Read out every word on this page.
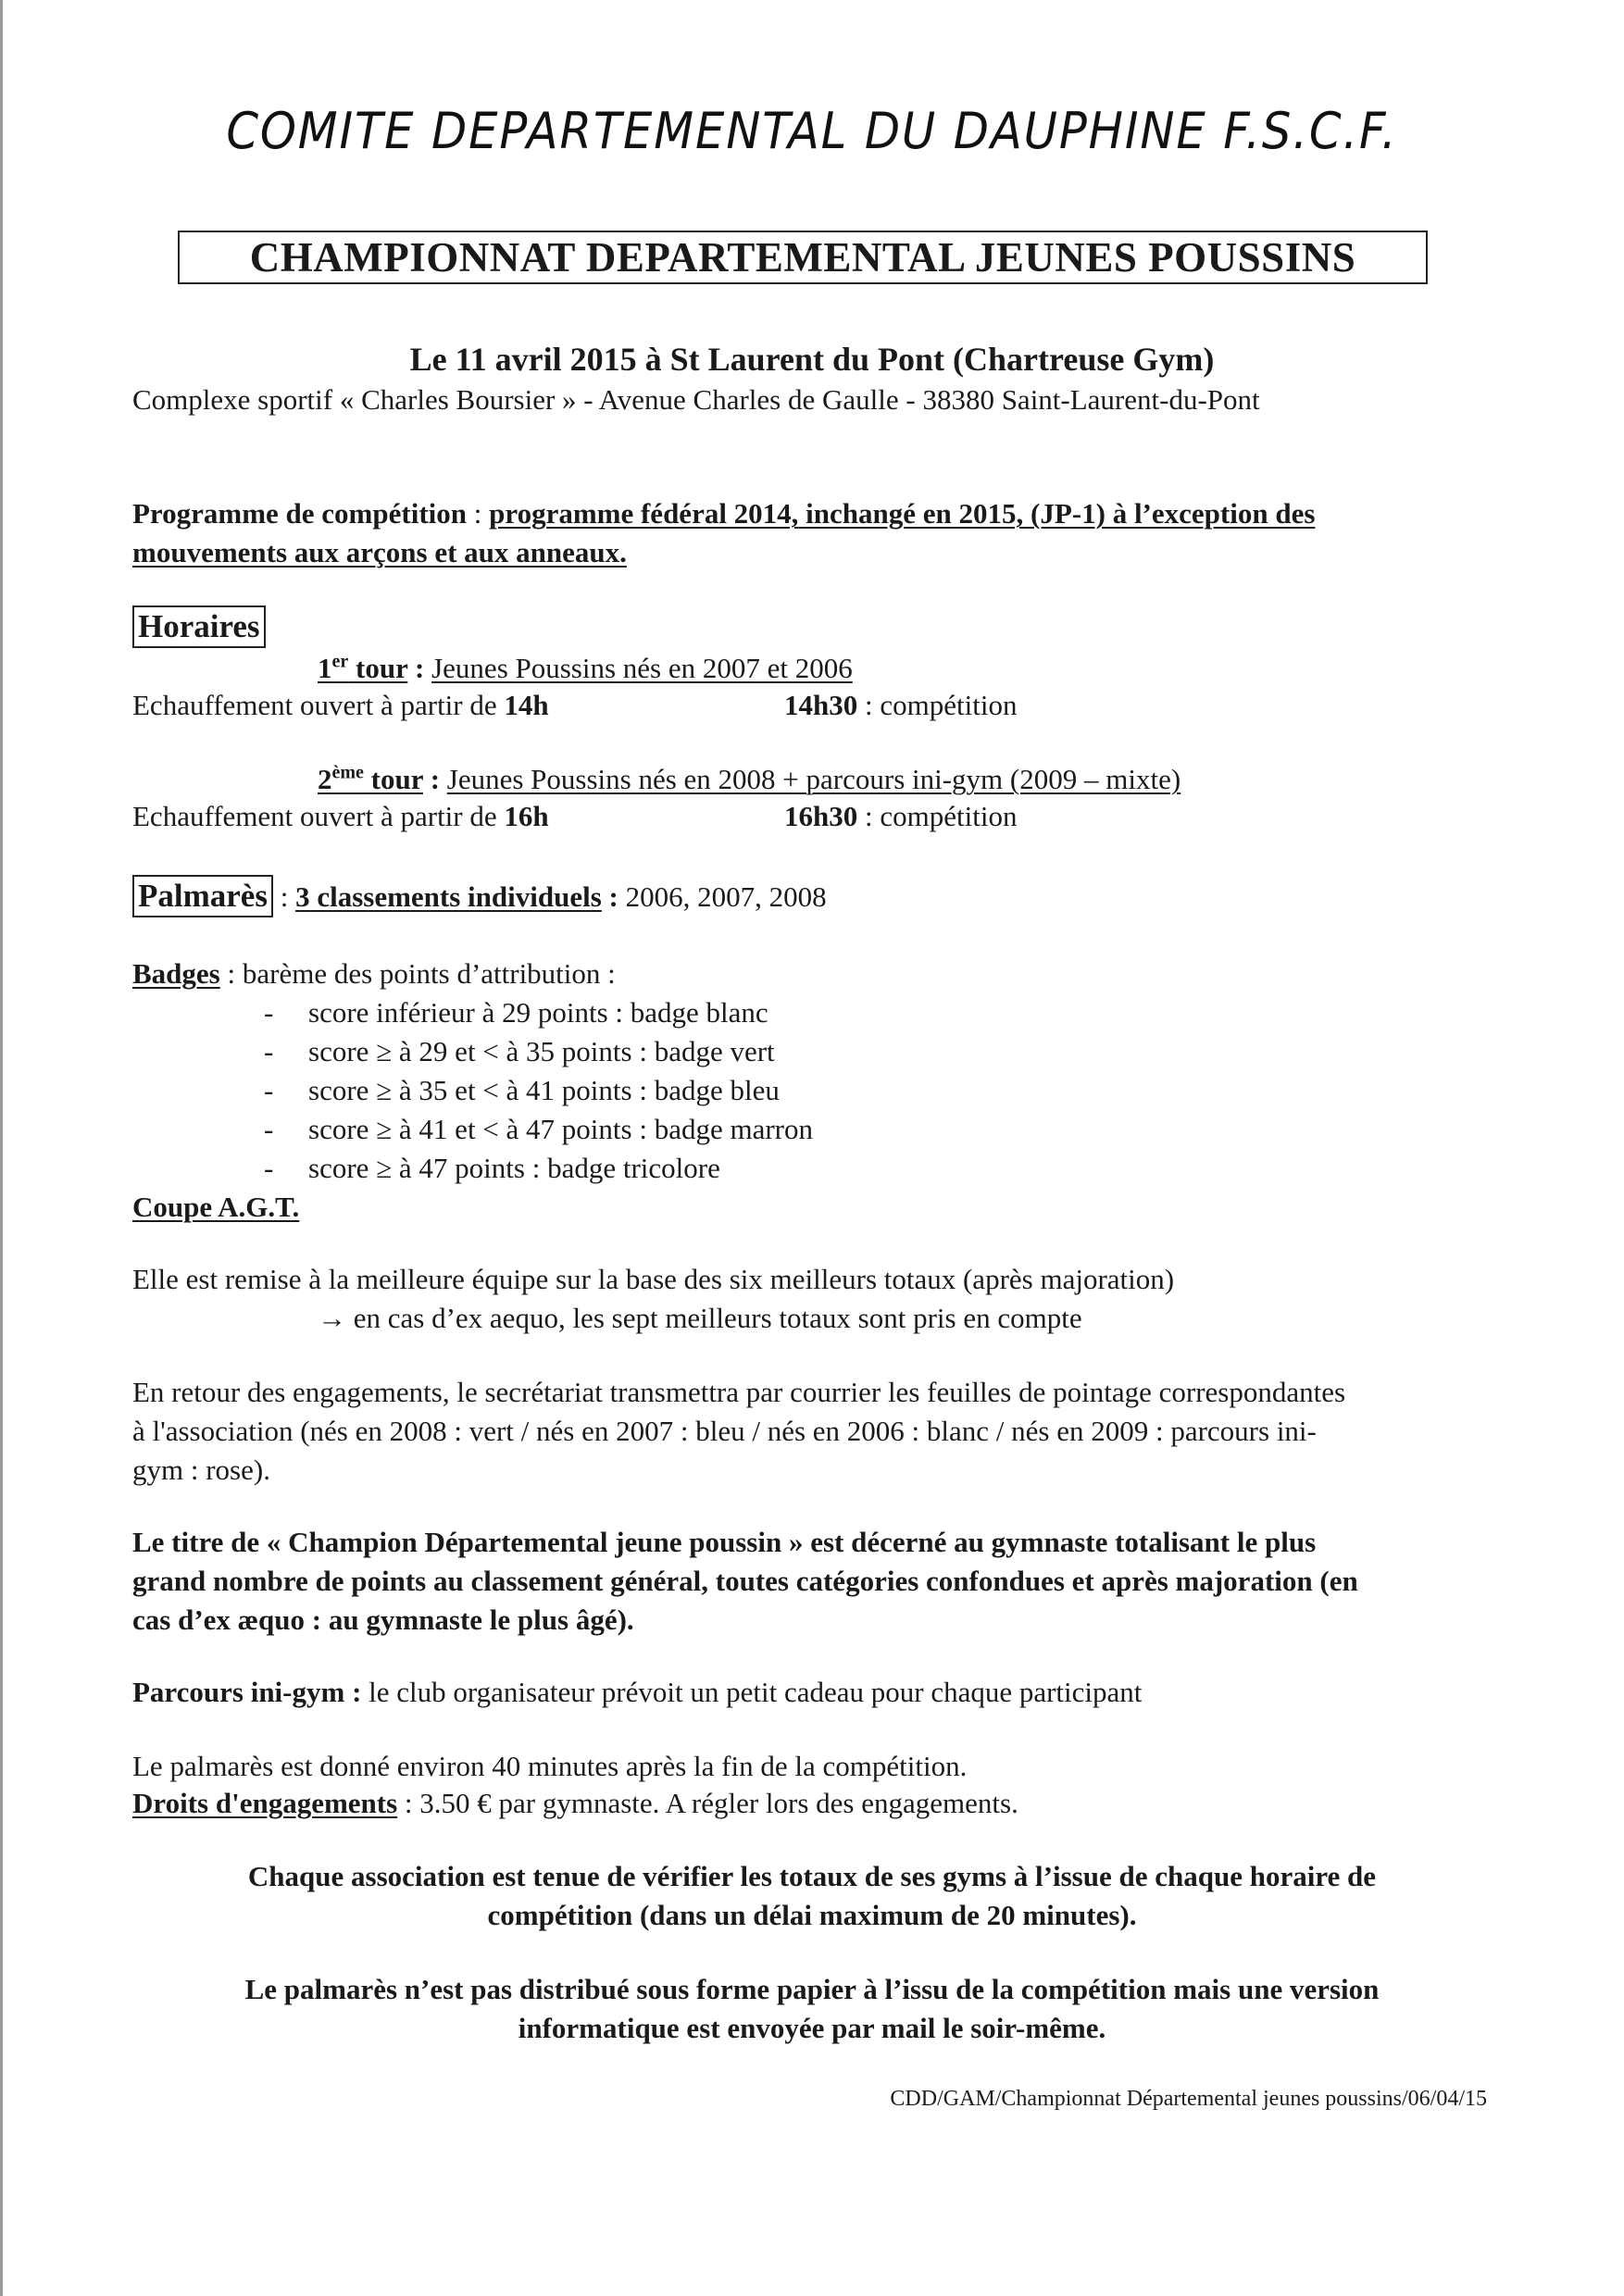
COMITE DEPARTEMENTAL DU DAUPHINE F.S.C.F.
CHAMPIONNAT DEPARTEMENTAL JEUNES POUSSINS
Le 11 avril 2015 à St Laurent du Pont (Chartreuse Gym)
Complexe sportif « Charles Boursier » - Avenue Charles de Gaulle - 38380 Saint-Laurent-du-Pont
Programme de compétition : programme fédéral 2014, inchangé en 2015, (JP-1) à l’exception des
mouvements aux arçons et aux anneaux.
Horaires
1er tour : Jeunes Poussins nés en 2007 et 2006
Echauffement ouvert à partir de 14h	14h30 : compétition
2ème tour : Jeunes Poussins nés en 2008 + parcours ini-gym (2009 – mixte)
Echauffement ouvert à partir de 16h	16h30 : compétition
Palmarès : 3 classements individuels : 2006, 2007, 2008
Badges : barème des points d’attribution :
- score inférieur à 29 points : badge blanc
- score ≥ à 29 et < à 35 points : badge vert
- score ≥ à 35 et < à 41 points : badge bleu
- score ≥ à 41 et < à 47 points : badge marron
- score ≥ à 47 points : badge tricolore
Coupe A.G.T.
Elle est remise à la meilleure équipe sur la base des six meilleurs totaux (après majoration)
→ en cas d’ex aequo, les sept meilleurs totaux sont pris en compte
En retour des engagements, le secrétariat transmettra par courrier les feuilles de pointage correspondantes
à l'association (nés en 2008 : vert / nés en 2007 : bleu / nés en 2006 : blanc / nés en 2009 : parcours ini-
gym : rose).
Le titre de « Champion Départemental jeune poussin » est décerné au gymnaste totalisant le plus
grand nombre de points au classement général, toutes catégories confondues et après majoration (en
cas d’ex æquo : au gymnaste le plus âgé).
Parcours ini-gym : le club organisateur prévoit un petit cadeau pour chaque participant
Le palmarès est donné environ 40 minutes après la fin de la compétition.
Droits d'engagements : 3.50 € par gymnaste. A régler lors des engagements.
Chaque association est tenue de vérifier les totaux de ses gyms à l’issue de chaque horaire de
compétition (dans un délai maximum de 20 minutes).
Le palmarès n’est pas distribué sous forme papier à l’issu de la compétition mais une version
informatique est envoyée par mail le soir-même.
CDD/GAM/Championnat Départemental jeunes poussins/06/04/15
